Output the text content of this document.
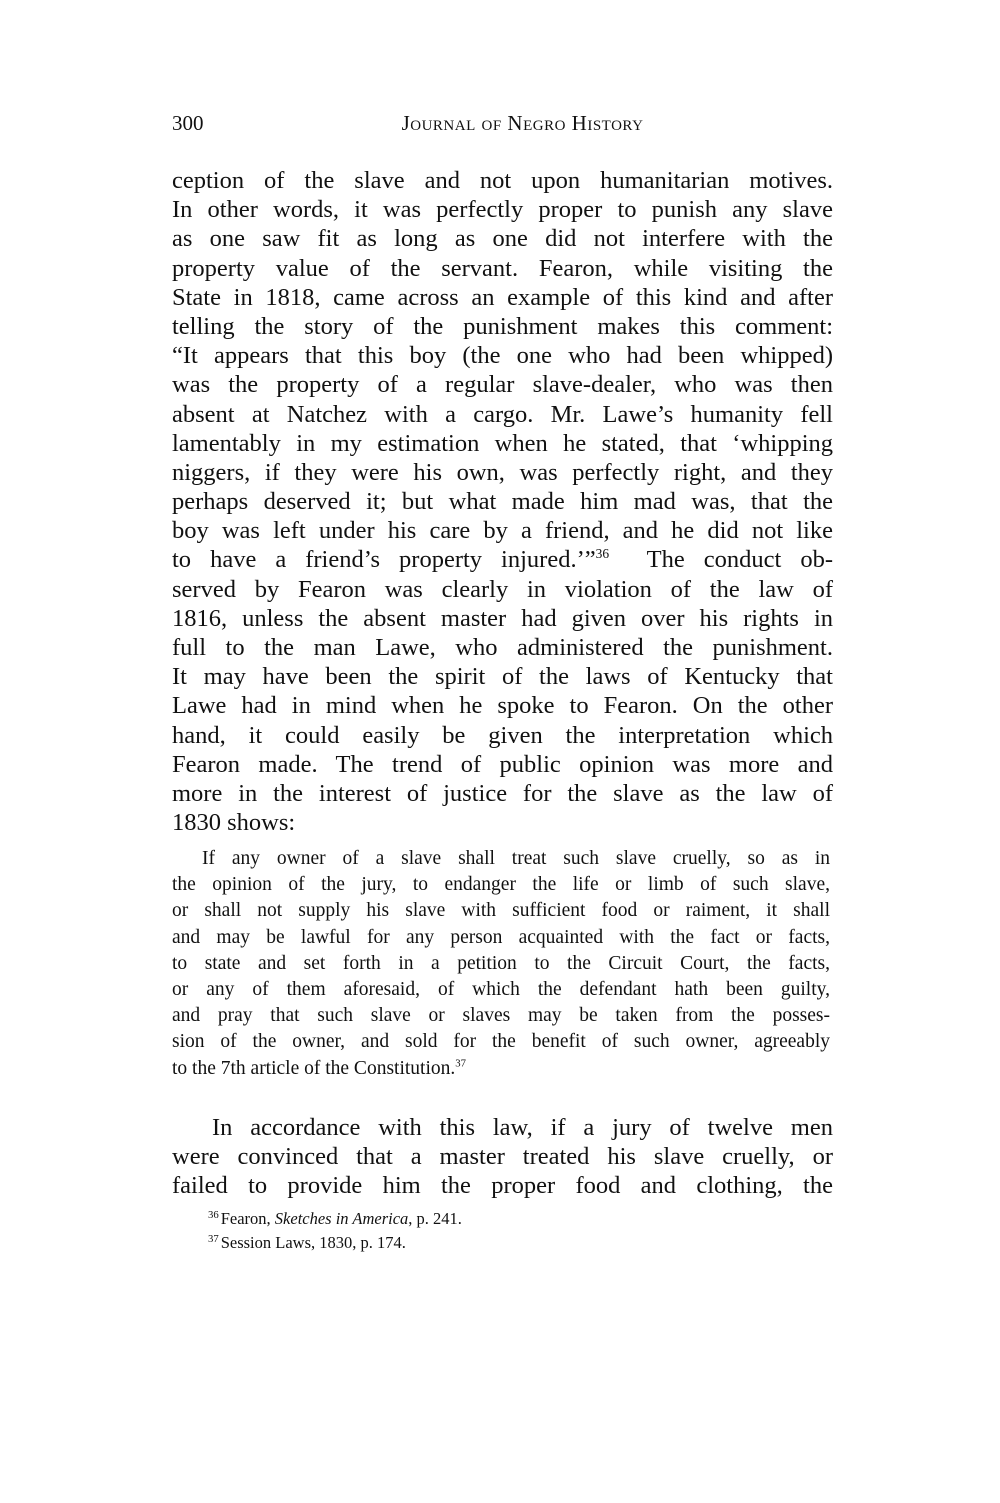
300	Journal of Negro History
ception of the slave and not upon humanitarian motives.
In other words, it was perfectly proper to punish any slave
as one saw fit as long as one did not interfere with the
property value of the servant. Fearon, while visiting the
State in 1818, came across an example of this kind and after
telling the story of the punishment makes this comment:
“It appears that this boy (the one who had been whipped)
was the property of a regular slave-dealer, who was then
absent at Natchez with a cargo. Mr. Lawe’s humanity fell
lamentably in my estimation when he stated, that ‘whipping
niggers, if they were his own, was perfectly right, and they
perhaps deserved it; but what made him mad was, that the
boy was left under his care by a friend, and he did not like
to have a friend’s property injured.’”$^{36}$  The conduct ob-
served by Fearon was clearly in violation of the law of
1816, unless the absent master had given over his rights in
full to the man Lawe, who administered the punishment.
It may have been the spirit of the laws of Kentucky that
Lawe had in mind when he spoke to Fearon. On the other
hand, it could easily be given the interpretation which
Fearon made. The trend of public opinion was more and
more in the interest of justice for the slave as the law of
1830 shows:
If any owner of a slave shall treat such slave cruelly, so as in
the opinion of the jury, to endanger the life or limb of such slave,
or shall not supply his slave with sufficient food or raiment, it shall
and may be lawful for any person acquainted with the fact or facts,
to state and set forth in a petition to the Circuit Court, the facts,
or any of them aforesaid, of which the defendant hath been guilty,
and pray that such slave or slaves may be taken from the posses-
sion of the owner, and sold for the benefit of such owner, agreeably
to the 7th article of the Constitution.$^{37}$
In accordance with this law, if a jury of twelve men
were convinced that a master treated his slave cruelly, or
failed to provide him the proper food and clothing, the
$^{36}$ Fearon, Sketches in America, p. 241.
$^{37}$ Session Laws, 1830, p. 174.
